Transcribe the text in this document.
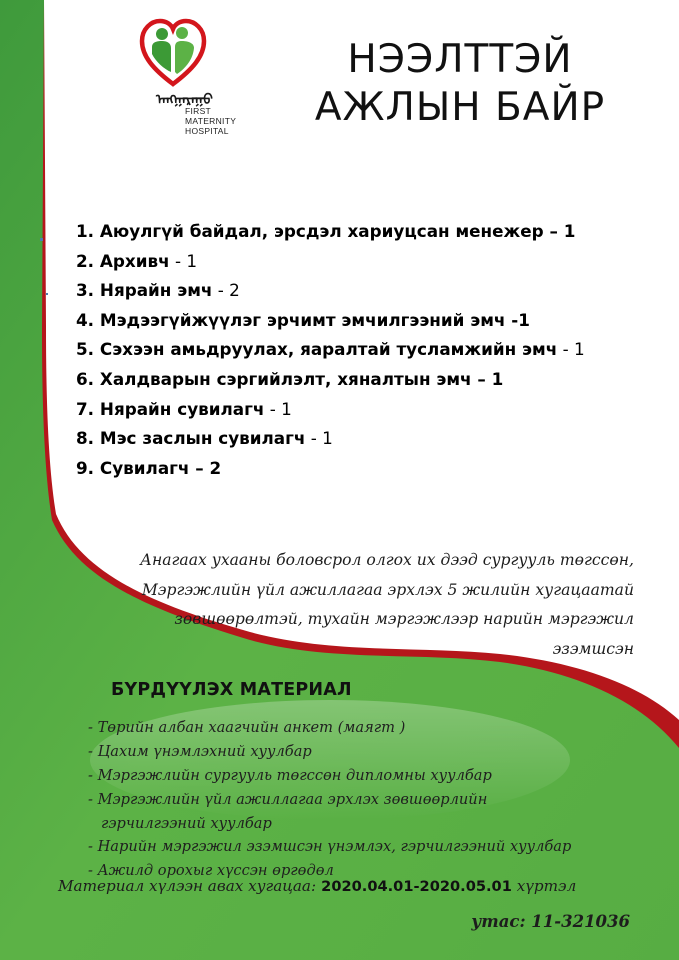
ᠠᠩᠭᠠᠷᠠᠭᠤ
FIRST
MATERNITY
HOSPITAL
НЭЭЛТТЭЙ
АЖЛЫН БАЙР
1. Аюулгүй байдал, эрсдэл хариуцсан менежер – 1
2. Архивч - 1
3. Нярайн эмч - 2
4. Мэдээгүйжүүлэг эрчимт эмчилгээний эмч -1
5. Сэхээн амьдруулах, яаралтай тусламжийн эмч - 1
6. Халдварын сэргийлэлт, хяналтын эмч – 1
7. Нярайн сувилагч - 1
8. Мэс заслын сувилагч - 1
9. Сувилагч – 2
Анагаах ухааны боловсрол олгох их дээд сургууль төгссөн,
Мэргэжлийн үйл ажиллагаа эрхлэх 5 жилийн хугацаатай
зөвшөөрөлтэй, тухайн мэргэжлээр нарийн мэргэжил
эзэмшсэн
БҮРДҮҮЛЭХ МАТЕРИАЛ
- Төрийн албан хаагчийн анкет (маягт )
- Цахим үнэмлэхний хуулбар
- Мэргэжлийн сургууль төгссөн дипломны хуулбар
- Мэргэжлийн үйл ажиллагаа эрхлэх зөвшөөрлийн
гэрчилгээний хуулбар
- Нарийн мэргэжил эзэмшсэн үнэмлэх, гэрчилгээний хуулбар
- Ажилд орохыг хүссэн өргөдөл
Материал хүлээн авах хугацаа: 2020.04.01-2020.05.01 хүртэл
утас: 11-321036
